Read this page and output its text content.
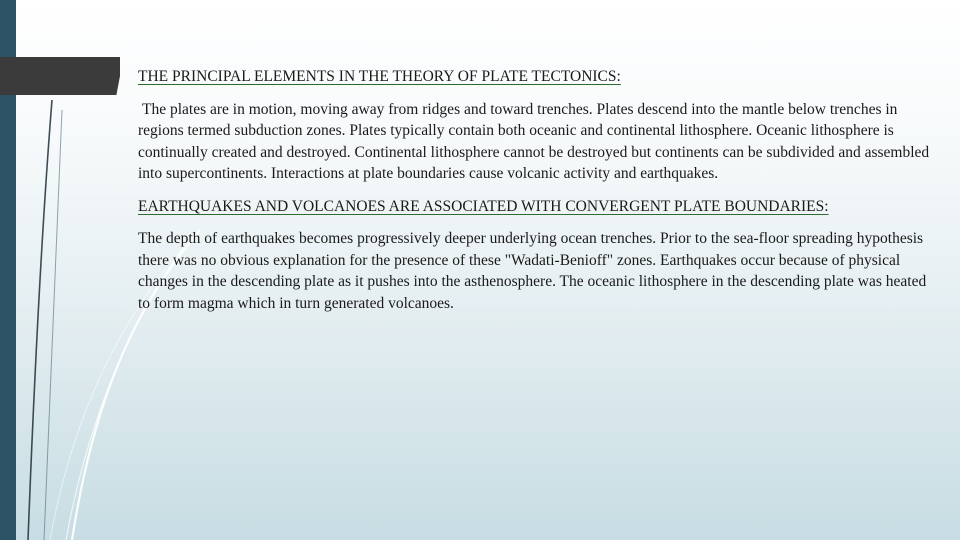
THE PRINCIPAL ELEMENTS IN THE THEORY OF PLATE TECTONICS:

The plates are in motion, moving away from ridges and toward trenches. Plates descend into the mantle below trenches in regions termed subduction zones. Plates typically contain both oceanic and continental lithosphere. Oceanic lithosphere is continually created and destroyed. Continental lithosphere cannot be destroyed but continents can be subdivided and assembled into supercontinents. Interactions at plate boundaries cause volcanic activity and earthquakes.

EARTHQUAKES AND VOLCANOES ARE ASSOCIATED WITH CONVERGENT PLATE BOUNDARIES:

The depth of earthquakes becomes progressively deeper underlying ocean trenches. Prior to the sea-floor spreading hypothesis there was no obvious explanation for the presence of these "Wadati-Benioff" zones. Earthquakes occur because of physical changes in the descending plate as it pushes into the asthenosphere. The oceanic lithosphere in the descending plate was heated to form magma which in turn generated volcanoes.
